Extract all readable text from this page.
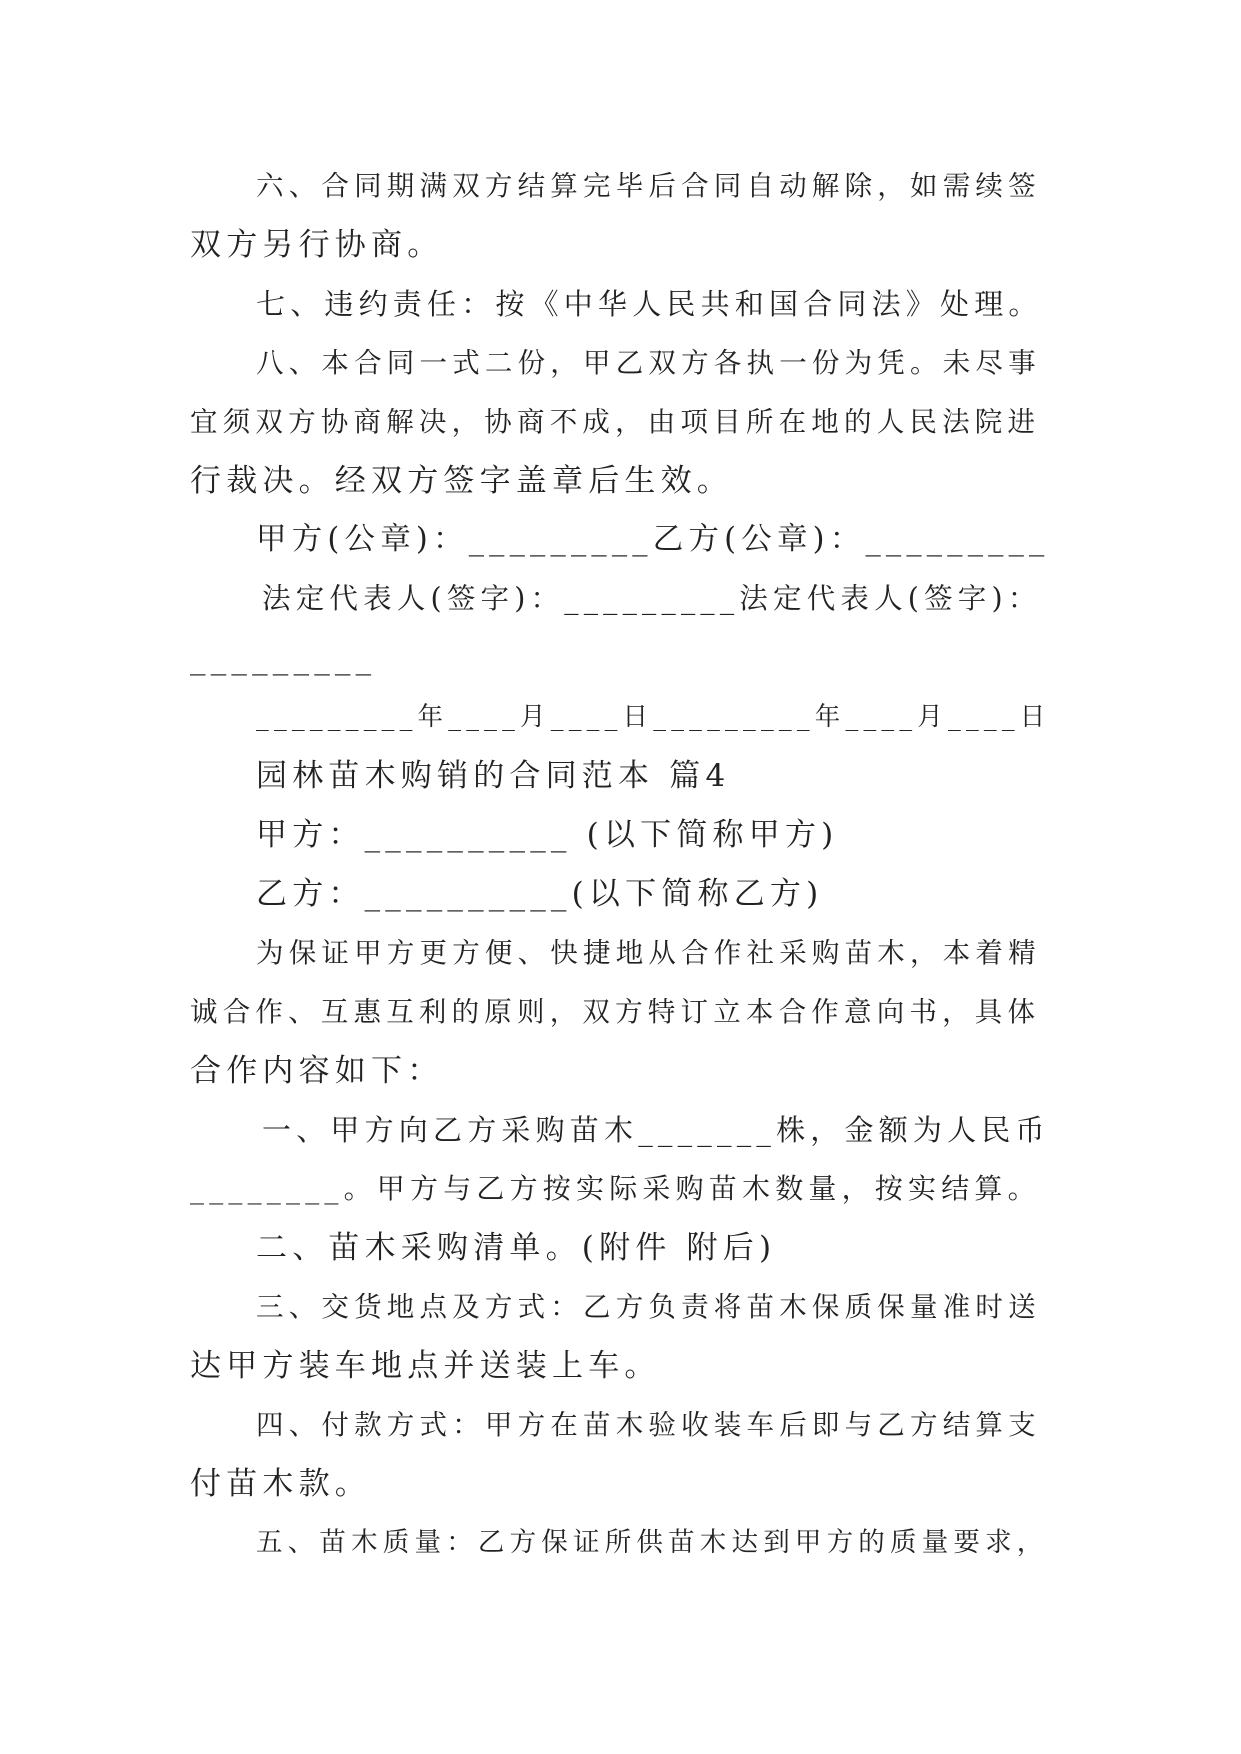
六、合同期满双方结算完毕后合同自动解除，如需续签
双方另行协商。
七、违约责任：按《中华人民共和国合同法》处理。
八、本合同一式二份，甲乙双方各执一份为凭。未尽事
宜须双方协商解决，协商不成，由项目所在地的人民法院进
行裁决。经双方签字盖章后生效。
甲方(公章)：_________乙方(公章)：_________
法定代表人(签字)：_________法定代表人(签字)：
_________
_________年____月____日_________年____月____日
园林苗木购销的合同范本 篇4
甲方：__________ (以下简称甲方)
乙方：__________(以下简称乙方)
为保证甲方更方便、快捷地从合作社采购苗木，本着精
诚合作、互惠互利的原则，双方特订立本合作意向书，具体
合作内容如下：
一、甲方向乙方采购苗木_______株，金额为人民币
________。甲方与乙方按实际采购苗木数量，按实结算。
二、苗木采购清单。(附件 附后)
三、交货地点及方式：乙方负责将苗木保质保量准时送
达甲方装车地点并送装上车。
四、付款方式：甲方在苗木验收装车后即与乙方结算支
付苗木款。
五、苗木质量：乙方保证所供苗木达到甲方的质量要求，
